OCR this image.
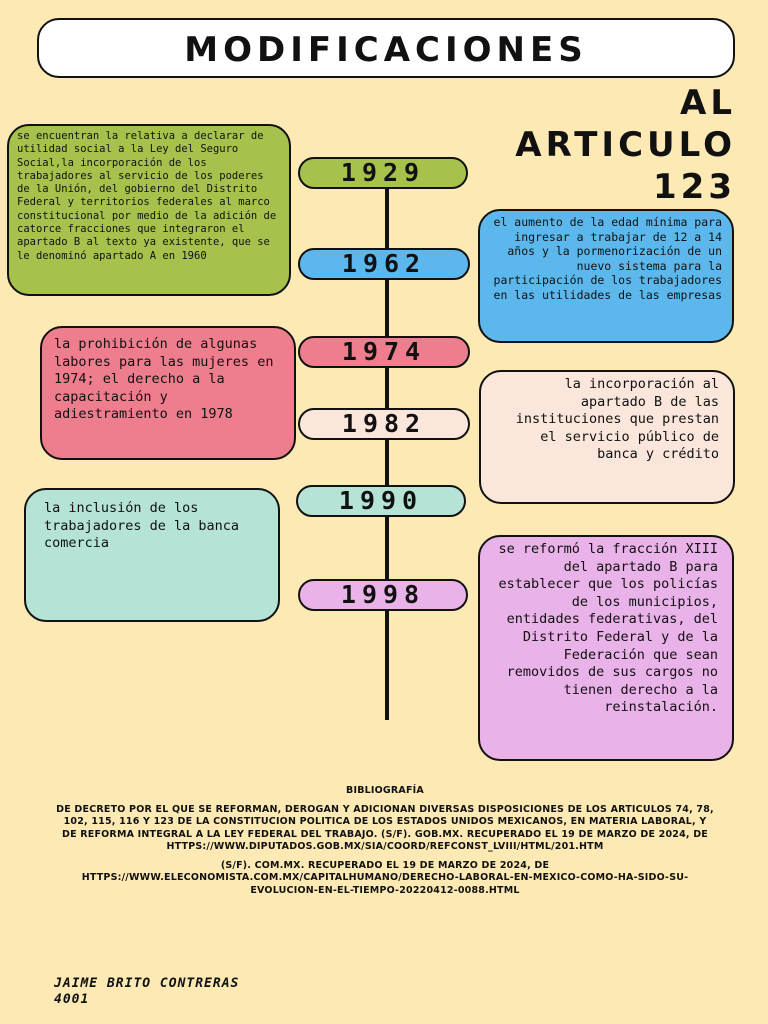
MODIFICACIONES
AL
ARTICULO
123
1929
1962
1974
1982
1990
1998
se encuentran la relativa a declarar de utilidad social a la Ley del Seguro Social,la incorporación de los trabajadores al servicio de los poderes de la Unión, del gobierno del Distrito Federal y territorios federales al marco constitucional por medio de la adición de catorce fracciones que integraron el apartado B al texto ya existente, que se le denominó apartado A en 1960
el aumento de la edad mínima para ingresar a trabajar de 12 a 14 años y la pormenorización de un nuevo sistema para la participación de los trabajadores en las utilidades de las empresas
la prohibición de algunas labores para las mujeres en 1974; el derecho a la capacitación y adiestramiento en 1978
la incorporación al apartado B de las instituciones que prestan el servicio público de banca y crédito
la inclusión de los trabajadores de la banca comercia	se reformó la fracción XIII del apartado B para establecer que los policías de los municipios, entidades federativas, del Distrito Federal y de la Federación que sean removidos de sus cargos no tienen derecho a la reinstalación.

BIBLIOGRAFÍA

DE DECRETO POR EL QUE SE REFORMAN, DEROGAN Y ADICIONAN DIVERSAS DISPOSICIONES DE LOS ARTICULOS 74, 78, 102, 115, 116 Y 123 DE LA CONSTITUCION POLITICA DE LOS ESTADOS UNIDOS MEXICANOS, EN MATERIA LABORAL, Y DE REFORMA INTEGRAL A LA LEY FEDERAL DEL TRABAJO. (S/F). GOB.MX. RECUPERADO EL 19 DE MARZO DE 2024, DE HTTPS://WWW.DIPUTADOS.GOB.MX/SIA/COORD/REFCONST_LVIII/HTML/201.HTM

(S/F). COM.MX. RECUPERADO EL 19 DE MARZO DE 2024, DE HTTPS://WWW.ELECONOMISTA.COM.MX/CAPITALHUMANO/DERECHO-LABORAL-EN-MEXICO-COMO-HA-SIDO-SU-EVOLUCION-EN-EL-TIEMPO-20220412-0088.HTML

JAIME BRITO CONTRERAS
4001
